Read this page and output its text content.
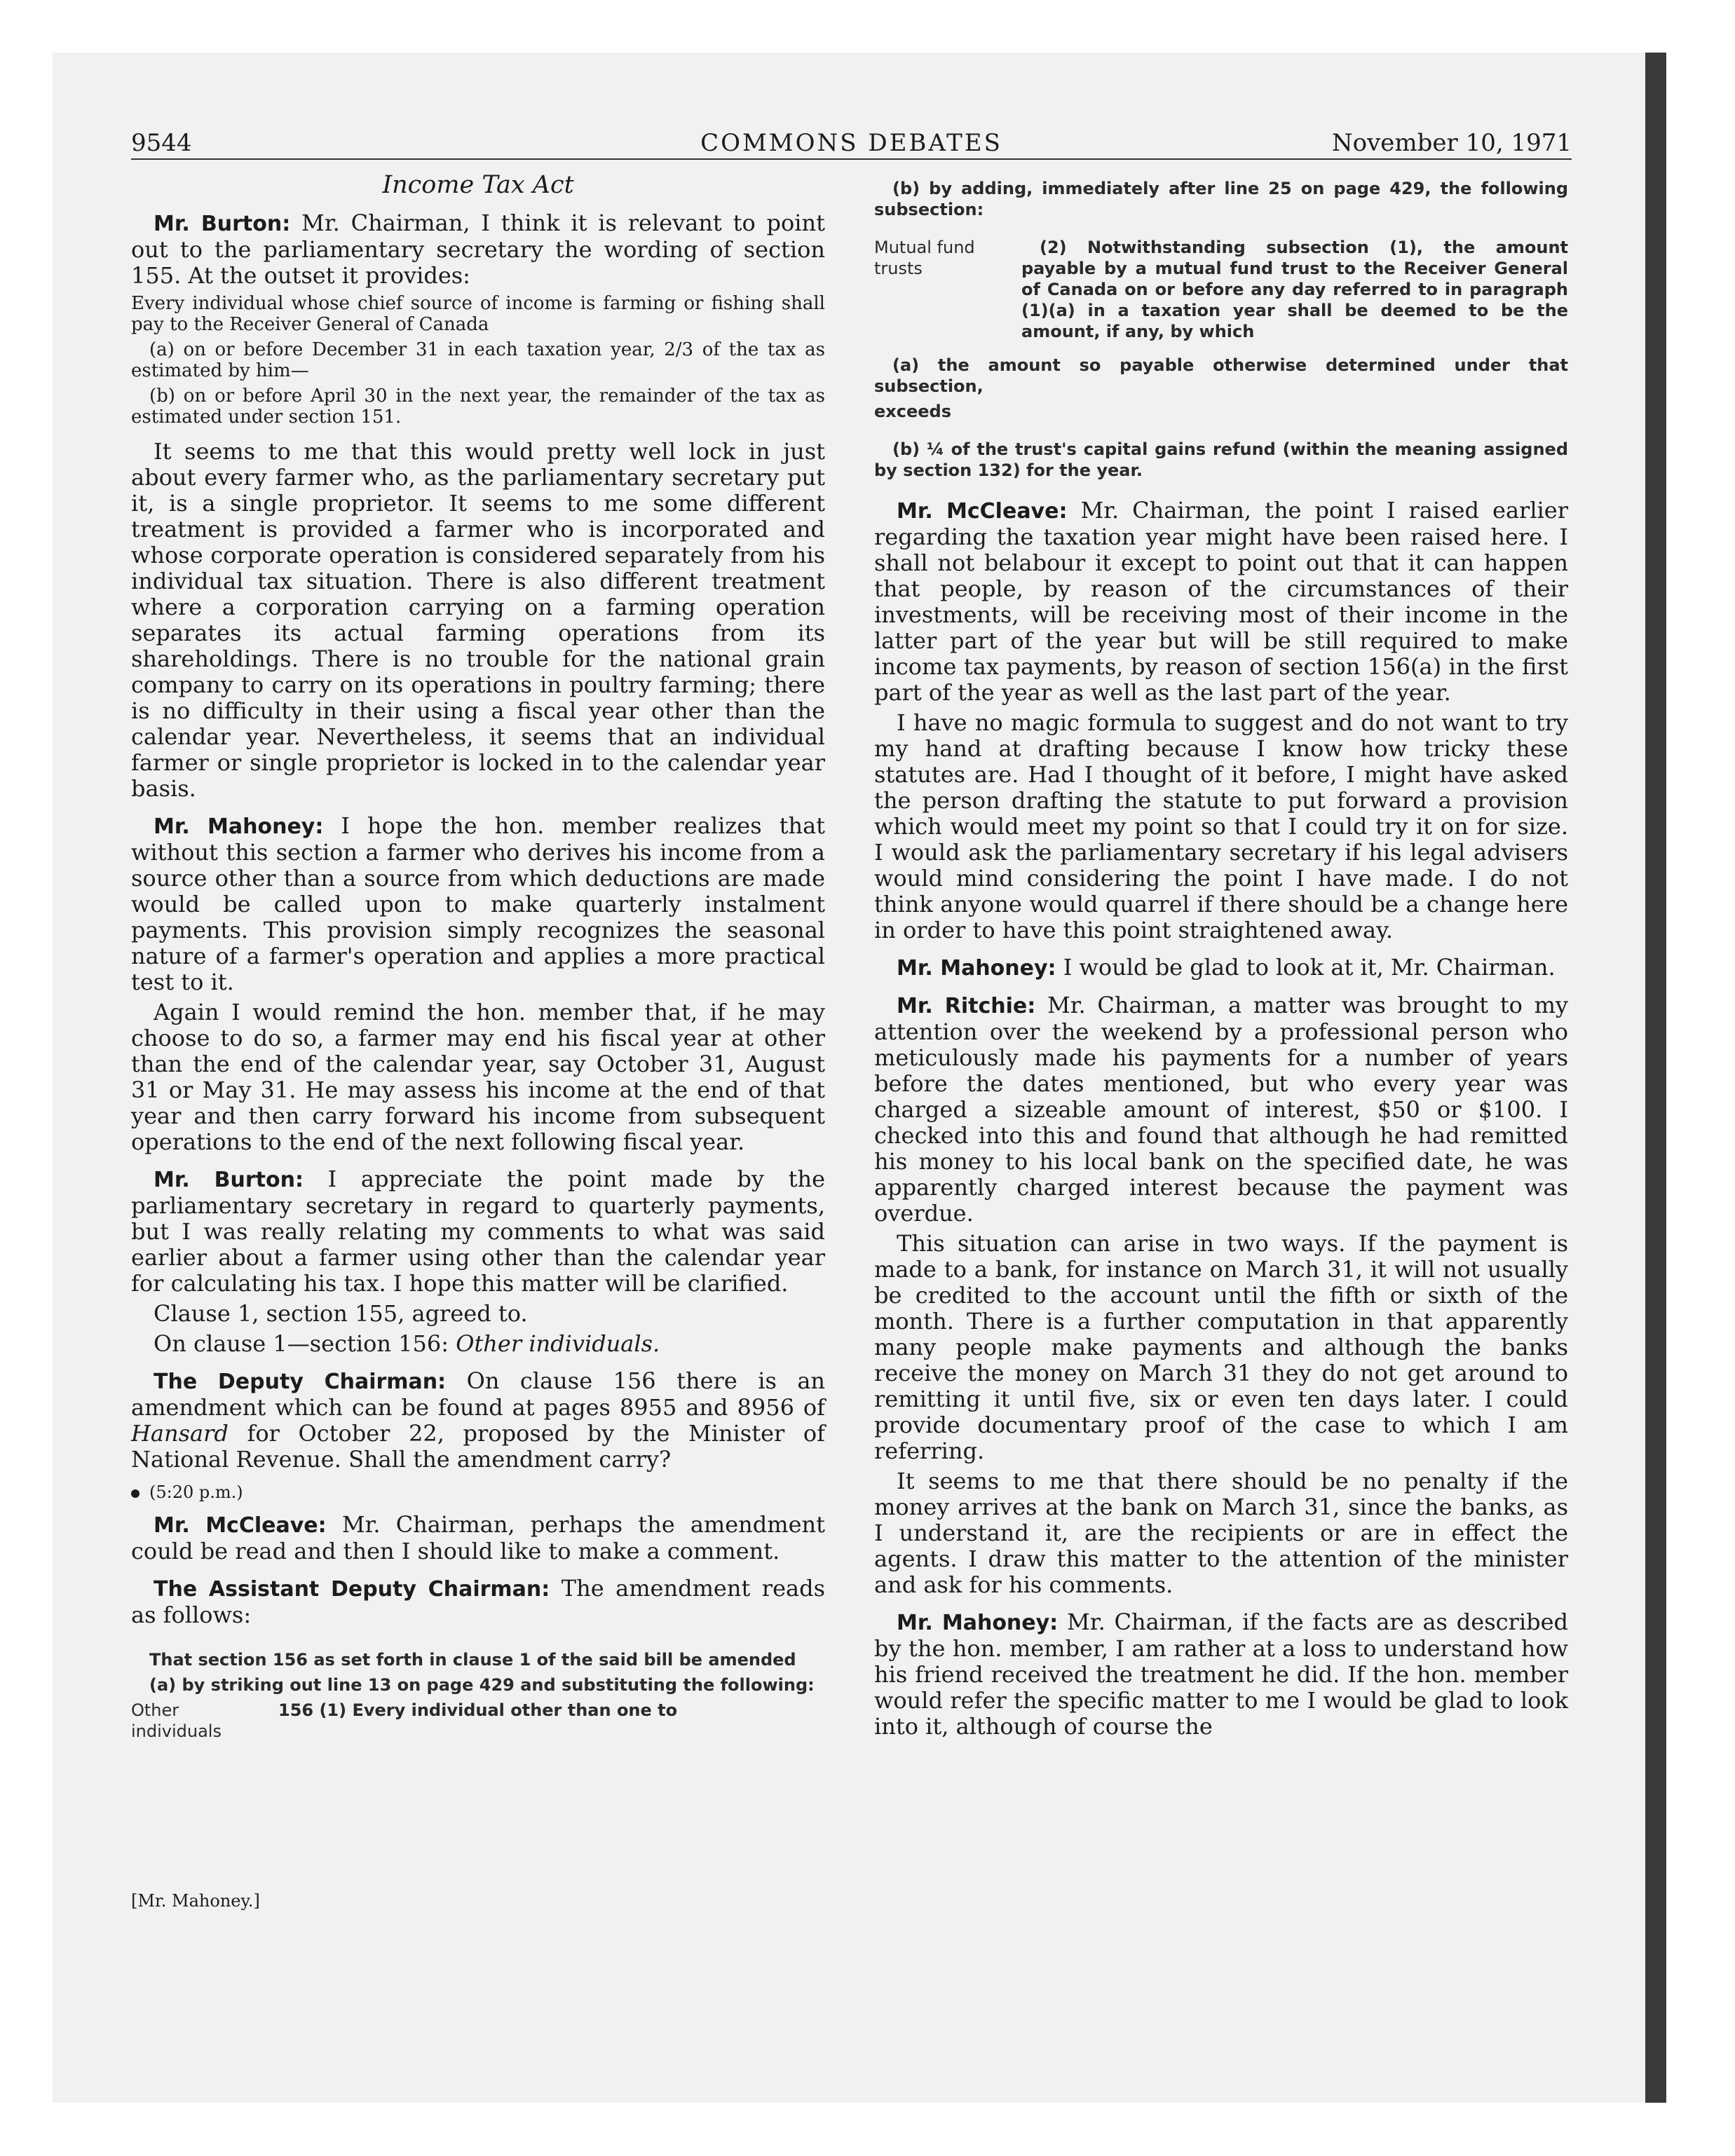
9544	COMMONS DEBATES	November 10, 1971
Income Tax Act

Mr. Burton: Mr. Chairman, I think it is relevant to point out to the parliamentary secretary the wording of section 155. At the outset it provides:

Every individual whose chief source of income is farming or fishing shall pay to the Receiver General of Canada

(a) on or before December 31 in each taxation year, 2/3 of the tax as estimated by him—

(b) on or before April 30 in the next year, the remainder of the tax as estimated under section 151.

It seems to me that this would pretty well lock in just about every farmer who, as the parliamentary secretary put it, is a single proprietor. It seems to me some different treatment is provided a farmer who is incorporated and whose corporate operation is considered separately from his individual tax situation. There is also different treatment where a corporation carrying on a farming operation separates its actual farming operations from its shareholdings. There is no trouble for the national grain company to carry on its operations in poultry farming; there is no difficulty in their using a fiscal year other than the calendar year. Nevertheless, it seems that an individual farmer or single proprietor is locked in to the calendar year basis.

Mr. Mahoney: I hope the hon. member realizes that without this section a farmer who derives his income from a source other than a source from which deductions are made would be called upon to make quarterly instalment payments. This provision simply recognizes the seasonal nature of a farmer's operation and applies a more practical test to it.

Again I would remind the hon. member that, if he may choose to do so, a farmer may end his fiscal year at other than the end of the calendar year, say October 31, August 31 or May 31. He may assess his income at the end of that year and then carry forward his income from subsequent operations to the end of the next following fiscal year.

Mr. Burton: I appreciate the point made by the parliamentary secretary in regard to quarterly payments, but I was really relating my comments to what was said earlier about a farmer using other than the calendar year for calculating his tax. I hope this matter will be clarified.

Clause 1, section 155, agreed to.

On clause 1—section 156: Other individuals.

The Deputy Chairman: On clause 156 there is an amendment which can be found at pages 8955 and 8956 of Hansard for October 22, proposed by the Minister of National Revenue. Shall the amendment carry?

(5:20 p.m.)

Mr. McCleave: Mr. Chairman, perhaps the amendment could be read and then I should like to make a comment.

The Assistant Deputy Chairman: The amendment reads as follows:

That section 156 as set forth in clause 1 of the said bill be amended

(a) by striking out line 13 on page 429 and substituting the following:

Other individuals

156 (1) Every individual other than one to

(b) by adding, immediately after line 25 on page 429, the following subsection:

Mutual fund trusts

(2) Notwithstanding subsection (1), the amount payable by a mutual fund trust to the Receiver General of Canada on or before any day referred to in paragraph (1)(a) in a taxation year shall be deemed to be the amount, if any, by which

(a) the amount so payable otherwise determined under that subsection,

exceeds

(b) ¼ of the trust's capital gains refund (within the meaning assigned by section 132) for the year.

Mr. McCleave: Mr. Chairman, the point I raised earlier regarding the taxation year might have been raised here. I shall not belabour it except to point out that it can happen that people, by reason of the circumstances of their investments, will be receiving most of their income in the latter part of the year but will be still required to make income tax payments, by reason of section 156(a) in the first part of the year as well as the last part of the year.

I have no magic formula to suggest and do not want to try my hand at drafting because I know how tricky these statutes are. Had I thought of it before, I might have asked the person drafting the statute to put forward a provision which would meet my point so that I could try it on for size. I would ask the parliamentary secretary if his legal advisers would mind considering the point I have made. I do not think anyone would quarrel if there should be a change here in order to have this point straightened away.

Mr. Mahoney: I would be glad to look at it, Mr. Chairman.

Mr. Ritchie: Mr. Chairman, a matter was brought to my attention over the weekend by a professional person who meticulously made his payments for a number of years before the dates mentioned, but who every year was charged a sizeable amount of interest, $50 or $100. I checked into this and found that although he had remitted his money to his local bank on the specified date, he was apparently charged interest because the payment was overdue.

This situation can arise in two ways. If the payment is made to a bank, for instance on March 31, it will not usually be credited to the account until the fifth or sixth of the month. There is a further computation in that apparently many people make payments and although the banks receive the money on March 31 they do not get around to remitting it until five, six or even ten days later. I could provide documentary proof of the case to which I am referring.

It seems to me that there should be no penalty if the money arrives at the bank on March 31, since the banks, as I understand it, are the recipients or are in effect the agents. I draw this matter to the attention of the minister and ask for his comments.

Mr. Mahoney: Mr. Chairman, if the facts are as described by the hon. member, I am rather at a loss to understand how his friend received the treatment he did. If the hon. member would refer the specific matter to me I would be glad to look into it, although of course the

[Mr. Mahoney.]
